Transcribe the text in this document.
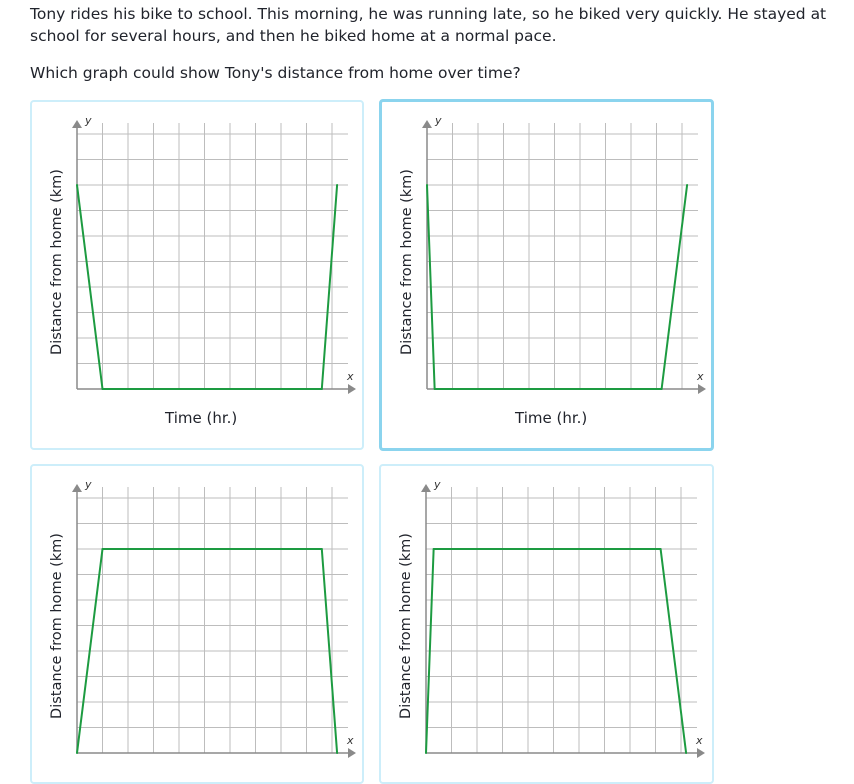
Tony rides his bike to school. This morning, he was running late, so he biked very quickly. He stayed at school for several hours, and then he biked home at a normal pace.

Which graph could show Tony's distance from home over time?

y
x
Distance from home (km)
Time (hr.)
y
x
Distance from home (km)
Time (hr.)
y
x
Distance from home (km)
y
x
Distance from home (km)
